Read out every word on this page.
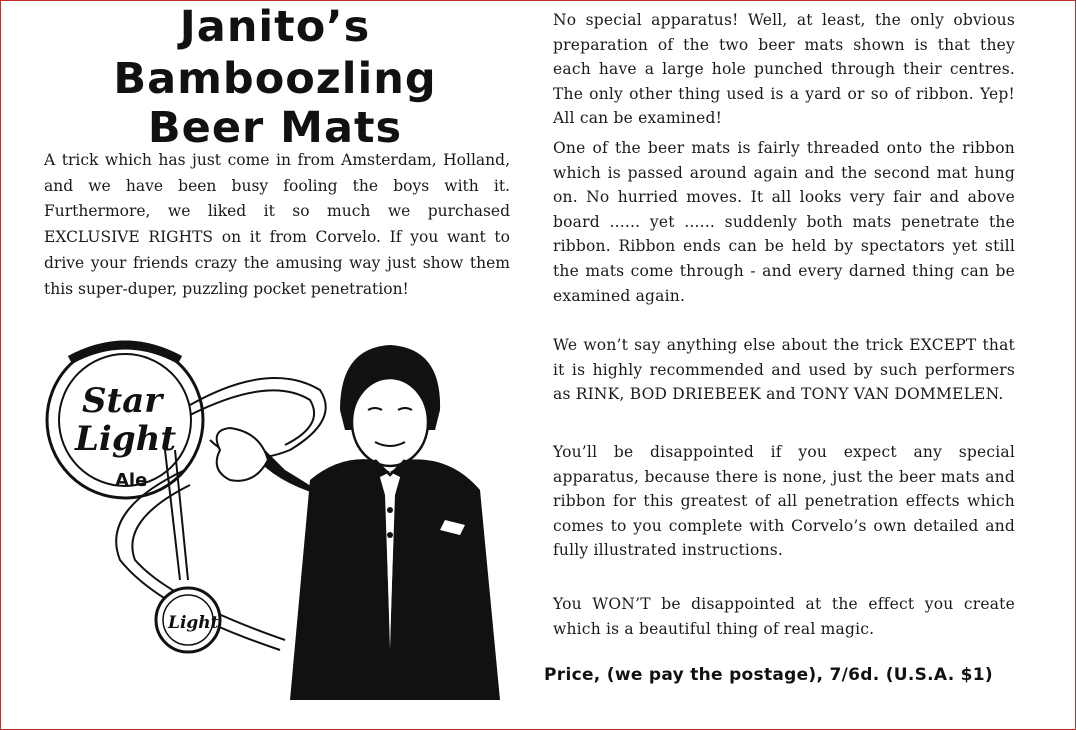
Janito’s
Bamboozling
Beer Mats

A trick which has just come in from Amsterdam, Holland, and we have been busy fooling the boys with it. Furthermore, we liked it so much we purchased EXCLUSIVE RIGHTS on it from Corvelo. If you want to drive your friends crazy the amusing way just show them this super-duper, puzzling pocket penetration!

Star
Light
Ale
Light

No special apparatus! Well, at least, the only obvious preparation of the two beer mats shown is that they each have a large hole punched through their centres. The only other thing used is a yard or so of ribbon. Yep! All can be examined!

One of the beer mats is fairly threaded onto the ribbon which is passed around again and the second mat hung on. No hurried moves. It all looks very fair and above board ...... yet ...... suddenly both mats penetrate the ribbon. Ribbon ends can be held by spectators yet still the mats come through - and every darned thing can be examined again.

We won’t say anything else about the trick EXCEPT that it is highly recommended and used by such performers as RINK, BOD DRIEBEEK and TONY VAN DOMMELEN.

You’ll be disappointed if you expect any special apparatus, because there is none, just the beer mats and ribbon for this greatest of all penetration effects which comes to you complete with Corvelo’s own detailed and fully illustrated instructions.

You WON’T be disappointed at the effect you create which is a beautiful thing of real magic.

Price, (we pay the postage), 7/6d. (U.S.A. $1)
